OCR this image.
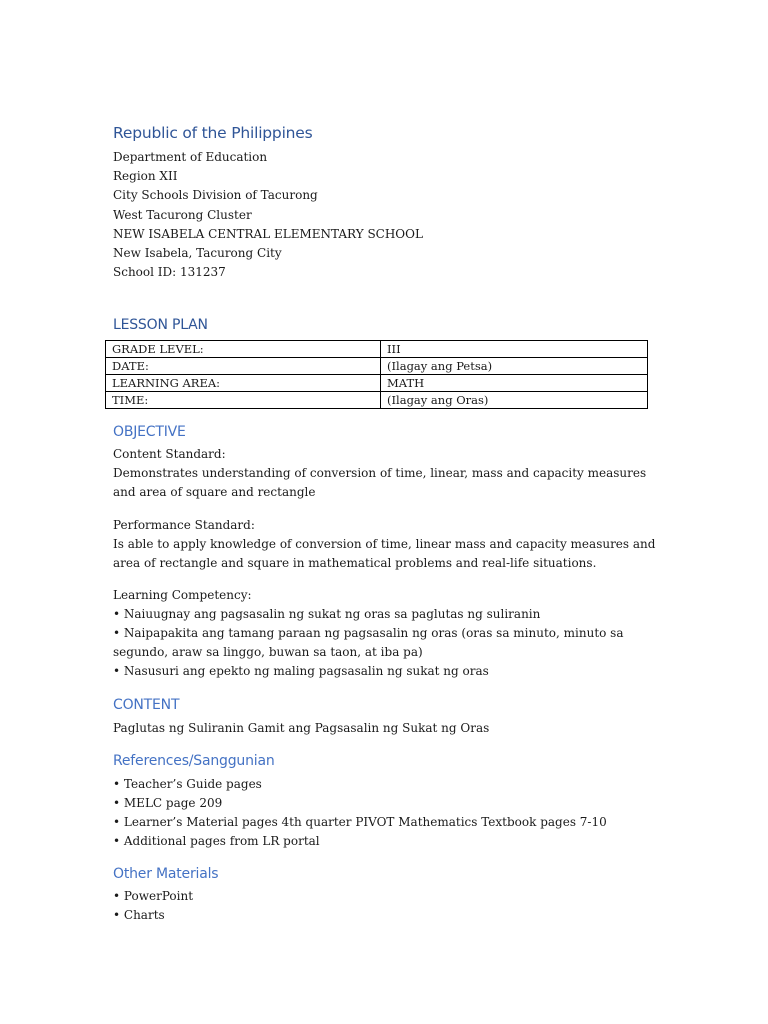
Republic of the Philippines

Department of Education

Region XII

City Schools Division of Tacurong

West Tacurong Cluster

NEW ISABELA CENTRAL ELEMENTARY SCHOOL

New Isabela, Tacurong City

School ID: 131237

LESSON PLAN
GRADE LEVEL:	III
DATE:	(Ilagay ang Petsa)
LEARNING AREA:	MATH
TIME:	(Ilagay ang Oras)
OBJECTIVE

Content Standard:

Demonstrates understanding of conversion of time, linear, mass and capacity measures and area of square and rectangle

Performance Standard:

Is able to apply knowledge of conversion of time, linear mass and capacity measures and area of rectangle and square in mathematical problems and real-life situations.

Learning Competency:

• Naiuugnay ang pagsasalin ng sukat ng oras sa paglutas ng suliranin

• Naipapakita ang tamang paraan ng pagsasalin ng oras (oras sa minuto, minuto sa segundo, araw sa linggo, buwan sa taon, at iba pa)

• Nasusuri ang epekto ng maling pagsasalin ng sukat ng oras

CONTENT

Paglutas ng Suliranin Gamit ang Pagsasalin ng Sukat ng Oras

References/Sanggunian

• Teacher’s Guide pages

• MELC page 209

• Learner’s Material pages 4th quarter PIVOT Mathematics Textbook pages 7-10

• Additional pages from LR portal

Other Materials

• PowerPoint

• Charts
